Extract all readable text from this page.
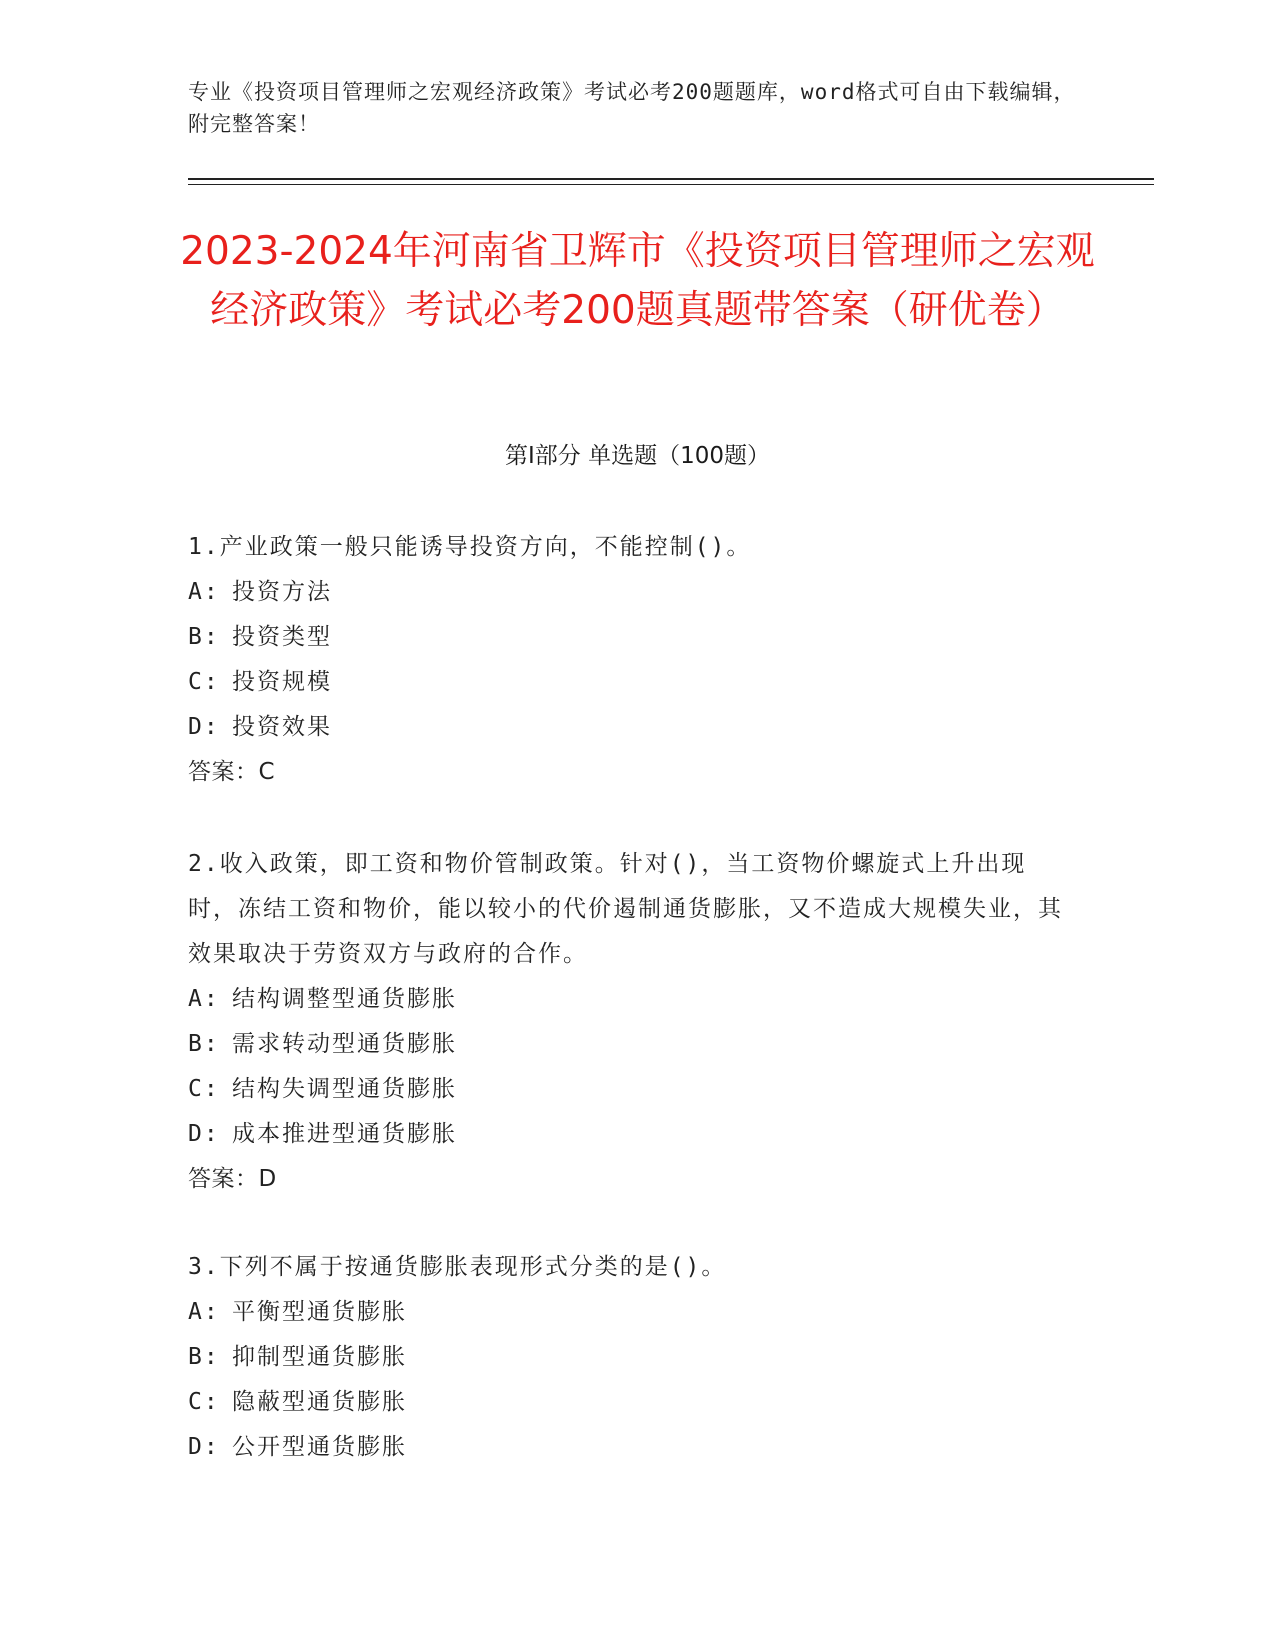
专业《投资项目管理师之宏观经济政策》考试必考200题题库，word格式可自由下载编辑，附完整答案！
2023-2024年河南省卫辉市《投资项目管理师之宏观经济政策》考试必考200题真题带答案（研优卷）
第I部分 单选题（100题）

1.产业政策一般只能诱导投资方向，不能控制()。

A: 投资方法

B: 投资类型

C: 投资规模

D: 投资效果

答案：C

2.收入政策，即工资和物价管制政策。针对()，当工资物价螺旋式上升出现时，冻结工资和物价，能以较小的代价遏制通货膨胀，又不造成大规模失业，其效果取决于劳资双方与政府的合作。

A: 结构调整型通货膨胀

B: 需求转动型通货膨胀

C: 结构失调型通货膨胀

D: 成本推进型通货膨胀

答案：D

3.下列不属于按通货膨胀表现形式分类的是()。

A: 平衡型通货膨胀

B: 抑制型通货膨胀

C: 隐蔽型通货膨胀

D: 公开型通货膨胀
